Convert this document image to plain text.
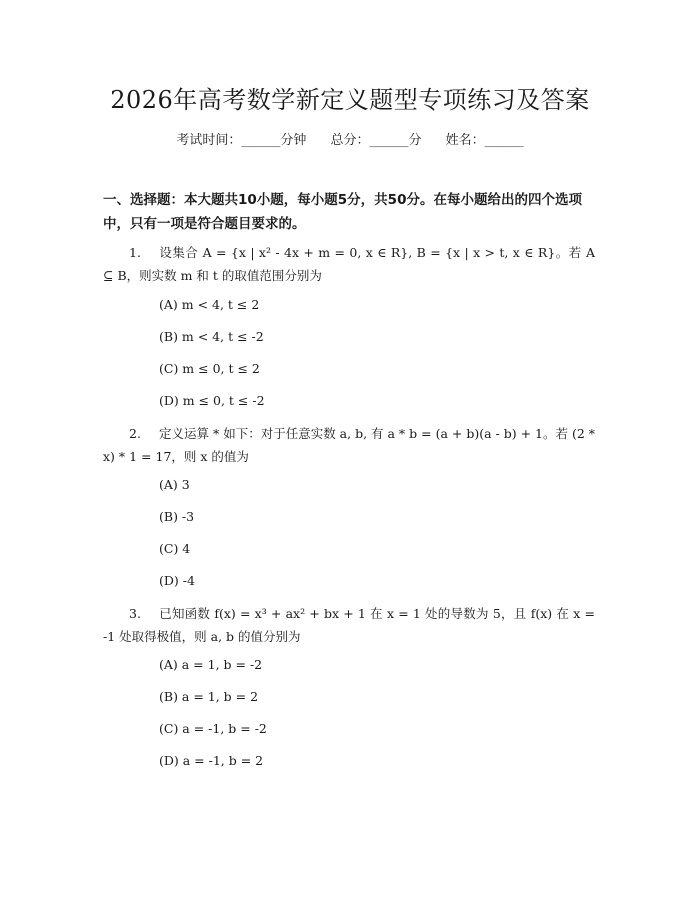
2026年高考数学新定义题型专项练习及答案
考试时间：______分钟 总分：______分 姓名：______
一、选择题：本大题共10小题，每小题5分，共50分。在每小题给出的四个选项中，只有一项是符合题目要求的。
1. 设集合 A = {x | x² - 4x + m = 0, x ∈ R}, B = {x | x > t, x ∈ R}。若 A ⊆ B，则实数 m 和 t 的取值范围分别为
(A) m < 4, t ≤ 2
(B) m < 4, t ≤ -2
(C) m ≤ 0, t ≤ 2
(D) m ≤ 0, t ≤ -2
2. 定义运算 * 如下：对于任意实数 a, b, 有 a * b = (a + b)(a - b) + 1。若 (2 * x) * 1 = 17，则 x 的值为
(A) 3
(B) -3
(C) 4
(D) -4
3. 已知函数 f(x) = x³ + ax² + bx + 1 在 x = 1 处的导数为 5，且 f(x) 在 x = -1 处取得极值，则 a, b 的值分别为
(A) a = 1, b = -2
(B) a = 1, b = 2
(C) a = -1, b = -2
(D) a = -1, b = 2
